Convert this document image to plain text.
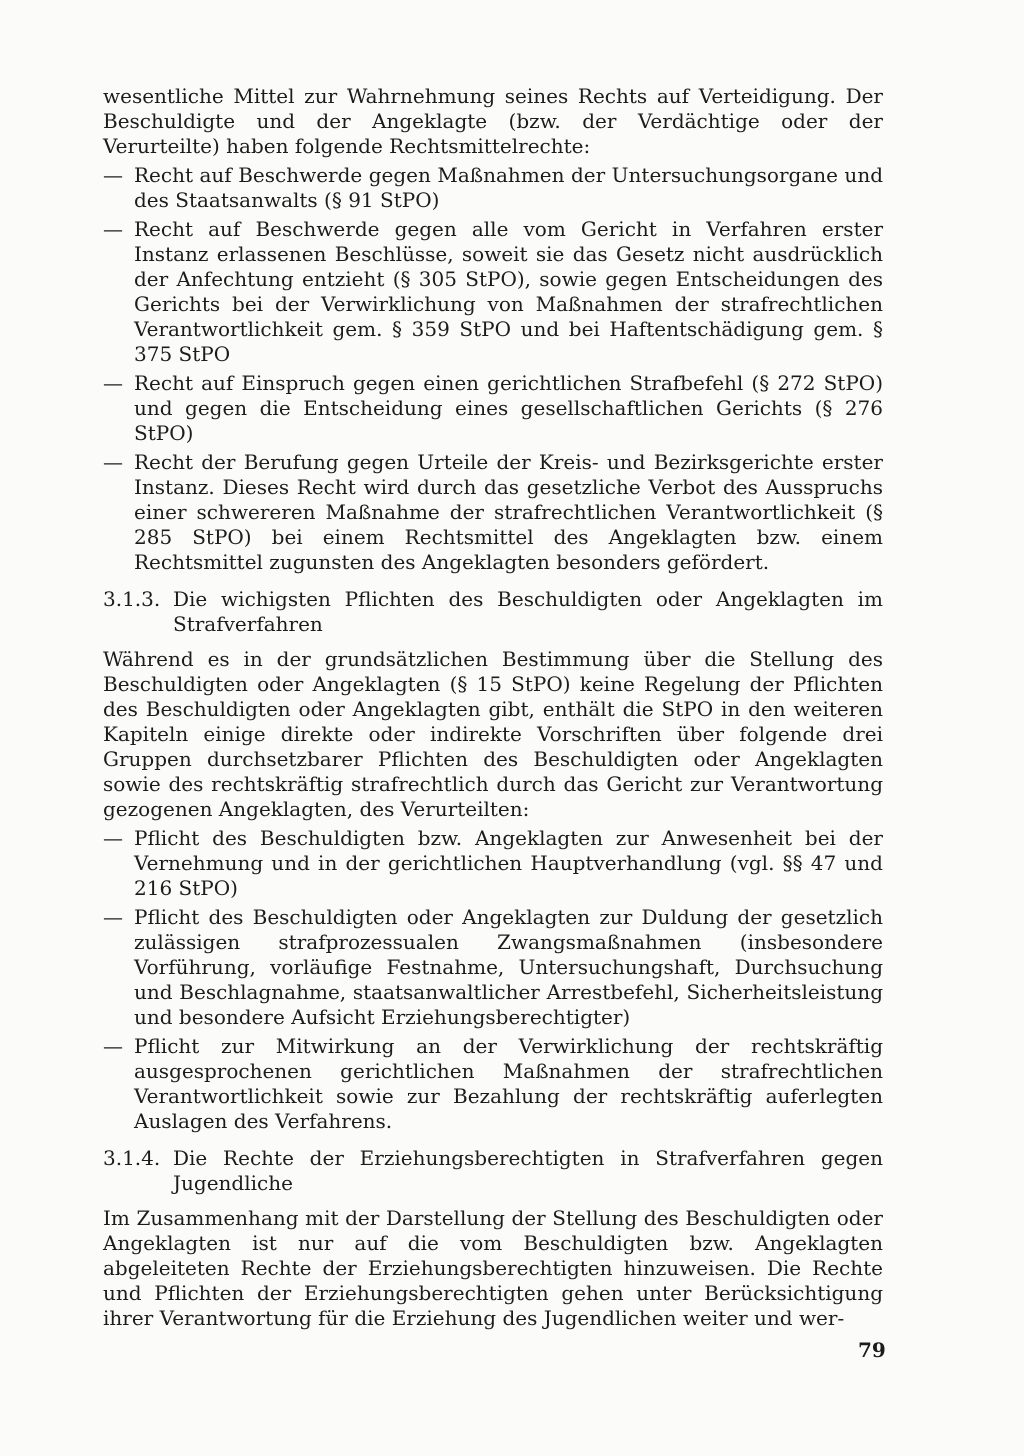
wesentliche Mittel zur Wahrnehmung seines Rechts auf Verteidigung. Der Beschuldigte und der Angeklagte (bzw. der Verdächtige oder der Verurteilte) haben folgende Rechtsmittelrechte:

— Recht auf Beschwerde gegen Maßnahmen der Untersuchungsorgane und des Staatsanwalts (§ 91 StPO)
— Recht auf Beschwerde gegen alle vom Gericht in Verfahren erster Instanz erlassenen Beschlüsse, soweit sie das Gesetz nicht ausdrücklich der Anfechtung entzieht (§ 305 StPO), sowie gegen Entscheidungen des Gerichts bei der Verwirklichung von Maßnahmen der strafrechtlichen Verantwortlichkeit gem. § 359 StPO und bei Haftentschädigung gem. § 375 StPO
— Recht auf Einspruch gegen einen gerichtlichen Strafbefehl (§ 272 StPO) und gegen die Entscheidung eines gesellschaftlichen Gerichts (§ 276 StPO)
— Recht der Berufung gegen Urteile der Kreis- und Bezirksgerichte erster Instanz. Dieses Recht wird durch das gesetzliche Verbot des Ausspruchs einer schwereren Maßnahme der strafrechtlichen Verantwortlichkeit (§ 285 StPO) bei einem Rechtsmittel des Angeklagten bzw. einem Rechtsmittel zugunsten des Angeklagten besonders gefördert.
3.1.3. Die wichigsten Pflichten des Beschuldigten oder Angeklagten im Strafverfahren

Während es in der grundsätzlichen Bestimmung über die Stellung des Beschuldigten oder Angeklagten (§ 15 StPO) keine Regelung der Pflichten des Beschuldigten oder Angeklagten gibt, enthält die StPO in den weiteren Kapiteln einige direkte oder indirekte Vorschriften über folgende drei Gruppen durchsetzbarer Pflichten des Beschuldigten oder Angeklagten sowie des rechtskräftig strafrechtlich durch das Gericht zur Verantwortung gezogenen Angeklagten, des Verurteilten:

— Pflicht des Beschuldigten bzw. Angeklagten zur Anwesenheit bei der Vernehmung und in der gerichtlichen Hauptverhandlung (vgl. §§ 47 und 216 StPO)
— Pflicht des Beschuldigten oder Angeklagten zur Duldung der gesetzlich zulässigen strafprozessualen Zwangsmaßnahmen (insbesondere Vorführung, vorläufige Festnahme, Untersuchungshaft, Durchsuchung und Beschlagnahme, staatsanwaltlicher Arrestbefehl, Sicherheitsleistung und besondere Aufsicht Erziehungsberechtigter)
— Pflicht zur Mitwirkung an der Verwirklichung der rechtskräftig ausgesprochenen gerichtlichen Maßnahmen der strafrechtlichen Verantwortlichkeit sowie zur Bezahlung der rechtskräftig auferlegten Auslagen des Verfahrens.
3.1.4. Die Rechte der Erziehungsberechtigten in Strafverfahren gegen Jugendliche

Im Zusammenhang mit der Darstellung der Stellung des Beschuldigten oder Angeklagten ist nur auf die vom Beschuldigten bzw. Angeklagten abgeleiteten Rechte der Erziehungsberechtigten hinzuweisen. Die Rechte und Pflichten der Erziehungsberechtigten gehen unter Berücksichtigung ihrer Verantwortung für die Erziehung des Jugendlichen weiter und wer-

79
